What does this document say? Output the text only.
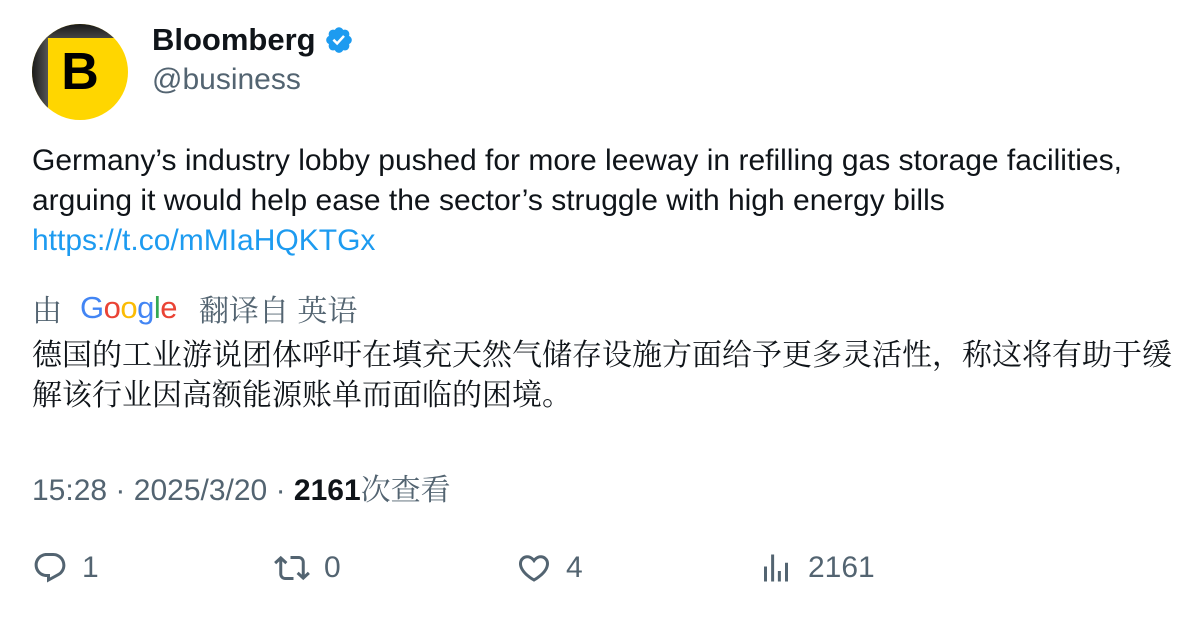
B
Bloomberg
@business
Germany’s industry lobby pushed for more leeway in refilling gas storage facilities, arguing it would help ease the sector’s struggle with high energy bills
https://t.co/mMIaHQKTGx
由 Google 翻译自 英语
德国的工业游说团体呼吁在填充天然气储存设施方面给予更多灵活性，称这将有助于缓解该行业因高额能源账单而面临的困境。
15:28 · 2025/3/20 · 2161次查看
1	0	4	2161
